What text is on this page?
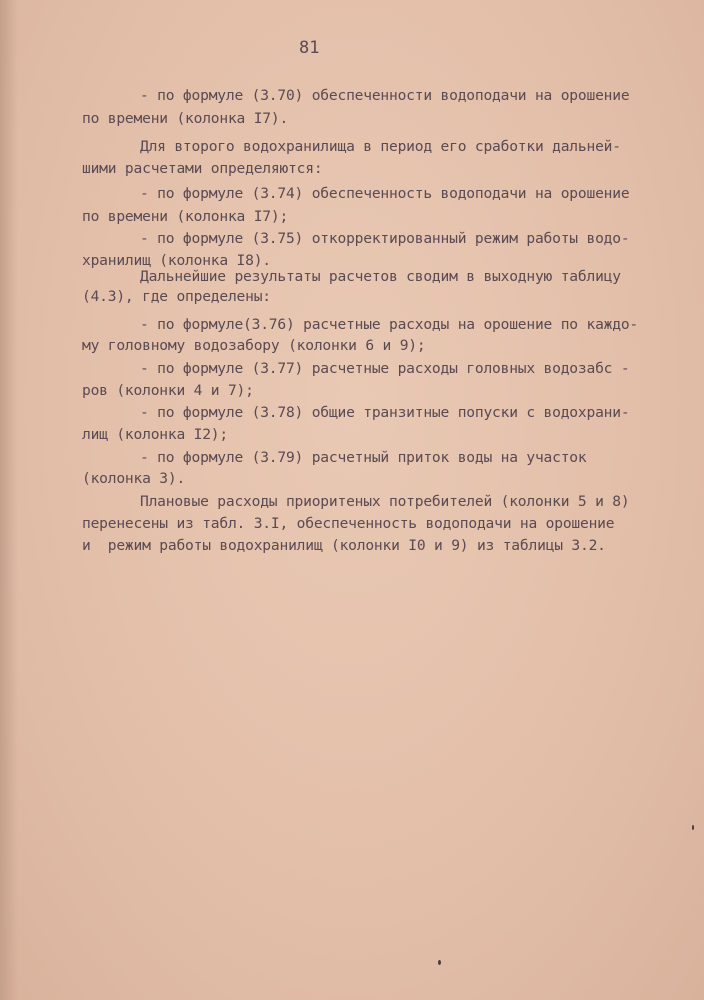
81
- по формуле (3.70) обеспеченности водоподачи на орошение
по времени (колонка I7).
Для второго водохранилища в период его сработки дальней-
шими расчетами определяются:
- по формуле (3.74) обеспеченность водоподачи на орошение
по времени (колонка I7);
- по формуле (3.75) откорректированный режим работы водо-
хранилищ (колонка I8).
Дальнейшие результаты расчетов сводим в выходную таблицу
(4.3), где определены:
- по формуле(3.76) расчетные расходы на орошение по каждо-
му головному водозабору (колонки 6 и 9);
- по формуле (3.77) расчетные расходы головных водозабс -
ров (колонки 4 и 7);
- по формуле (3.78) общие транзитные попуски с водохрани-
лищ (колонка I2);
- по формуле (3.79) расчетный приток воды на участок
(колонка 3).
Плановые расходы приоритеных потребителей (колонки 5 и 8)
перенесены из табл. 3.I, обеспеченность водоподачи на орошение
и  режим работы водохранилищ (колонки I0 и 9) из таблицы 3.2.
